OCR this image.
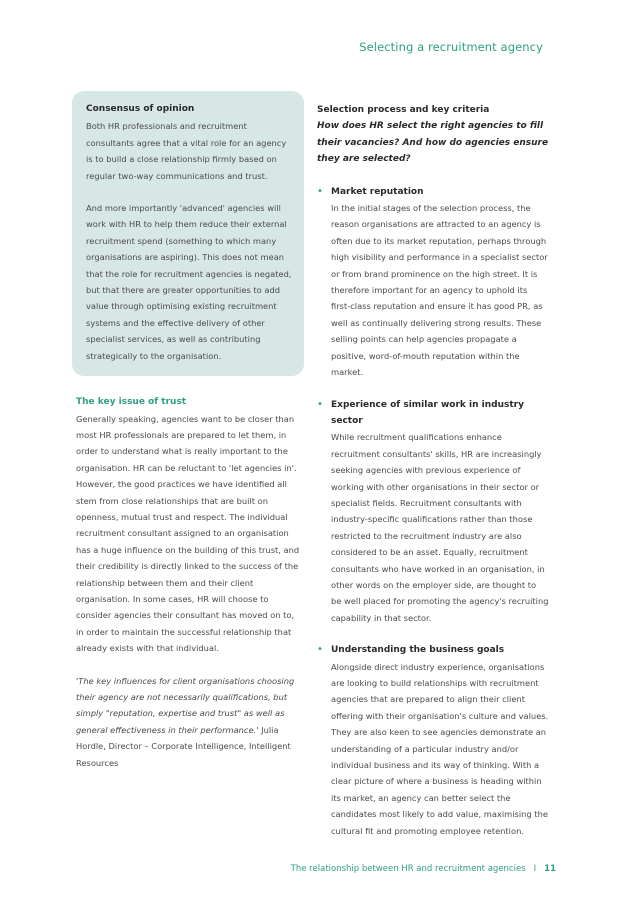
Selecting a recruitment agency
Consensus of opinion

Both HR professionals and recruitment consultants agree that a vital role for an agency is to build a close relationship firmly based on regular two-way communications and trust.

And more importantly 'advanced' agencies will work with HR to help them reduce their external recruitment spend (something to which many organisations are aspiring). This does not mean that the role for recruitment agencies is negated, but that there are greater opportunities to add value through optimising existing recruitment systems and the effective delivery of other specialist services, as well as contributing strategically to the organisation.

The key issue of trust

Generally speaking, agencies want to be closer than most HR professionals are prepared to let them, in order to understand what is really important to the organisation. HR can be reluctant to 'let agencies in'. However, the good practices we have identified all stem from close relationships that are built on openness, mutual trust and respect. The individual recruitment consultant assigned to an organisation has a huge influence on the building of this trust, and their credibility is directly linked to the success of the relationship between them and their client organisation. In some cases, HR will choose to consider agencies their consultant has moved on to, in order to maintain the successful relationship that already exists with that individual.

'The key influences for client organisations choosing their agency are not necessarily qualifications, but simply "reputation, expertise and trust" as well as general effectiveness in their performance.' Julia Hordle, Director – Corporate Intelligence, Intelligent Resources

Selection process and key criteria

How does HR select the right agencies to fill their vacancies? And how do agencies ensure they are selected?

• Market reputation

In the initial stages of the selection process, the reason organisations are attracted to an agency is often due to its market reputation, perhaps through high visibility and performance in a specialist sector or from brand prominence on the high street. It is therefore important for an agency to uphold its first-class reputation and ensure it has good PR, as well as continually delivering strong results. These selling points can help agencies propagate a positive, word-of-mouth reputation within the market.

• Experience of similar work in industry sector

While recruitment qualifications enhance recruitment consultants' skills, HR are increasingly seeking agencies with previous experience of working with other organisations in their sector or specialist fields. Recruitment consultants with industry-specific qualifications rather than those restricted to the recruitment industry are also considered to be an asset. Equally, recruitment consultants who have worked in an organisation, in other words on the employer side, are thought to be well placed for promoting the agency's recruiting capability in that sector.

• Understanding the business goals

Alongside direct industry experience, organisations are looking to build relationships with recruitment agencies that are prepared to align their client offering with their organisation's culture and values. They are also keen to see agencies demonstrate an understanding of a particular industry and/or individual business and its way of thinking. With a clear picture of where a business is heading within its market, an agency can better select the candidates most likely to add value, maximising the cultural fit and promoting employee retention.

The relationship between HR and recruitment agencies I 11
